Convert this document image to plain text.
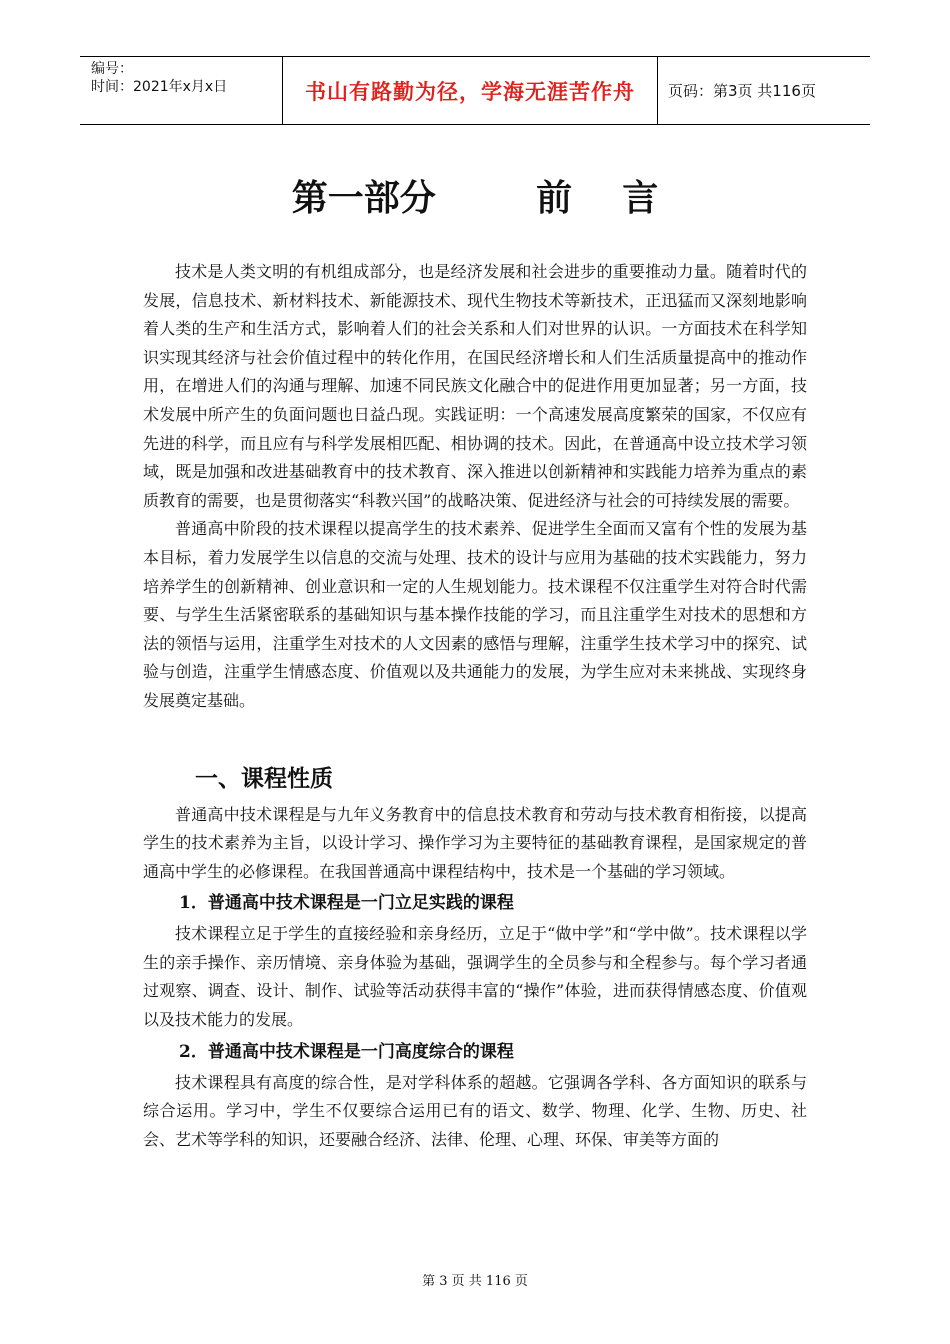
编号：
时间：2021年x月x日	书山有路勤为径，学海无涯苦作舟	页码：第3页 共116页
第一部分        前    言

技术是人类文明的有机组成部分，也是经济发展和社会进步的重要推动力量。随着时代的发展，信息技术、新材料技术、新能源技术、现代生物技术等新技术，正迅猛而又深刻地影响着人类的生产和生活方式，影响着人们的社会关系和人们对世界的认识。一方面技术在科学知识实现其经济与社会价值过程中的转化作用，在国民经济增长和人们生活质量提高中的推动作用，在增进人们的沟通与理解、加速不同民族文化融合中的促进作用更加显著；另一方面，技术发展中所产生的负面问题也日益凸现。实践证明：一个高速发展高度繁荣的国家，不仅应有先进的科学，而且应有与科学发展相匹配、相协调的技术。因此，在普通高中设立技术学习领域，既是加强和改进基础教育中的技术教育、深入推进以创新精神和实践能力培养为重点的素质教育的需要，也是贯彻落实“科教兴国”的战略决策、促进经济与社会的可持续发展的需要。

普通高中阶段的技术课程以提高学生的技术素养、促进学生全面而又富有个性的发展为基本目标，着力发展学生以信息的交流与处理、技术的设计与应用为基础的技术实践能力，努力培养学生的创新精神、创业意识和一定的人生规划能力。技术课程不仅注重学生对符合时代需要、与学生生活紧密联系的基础知识与基本操作技能的学习，而且注重学生对技术的思想和方法的领悟与运用，注重学生对技术的人文因素的感悟与理解，注重学生技术学习中的探究、试验与创造，注重学生情感态度、价值观以及共通能力的发展，为学生应对未来挑战、实现终身发展奠定基础。

一、课程性质

普通高中技术课程是与九年义务教育中的信息技术教育和劳动与技术教育相衔接，以提高学生的技术素养为主旨，以设计学习、操作学习为主要特征的基础教育课程，是国家规定的普通高中学生的必修课程。在我国普通高中课程结构中，技术是一个基础的学习领域。

1．普通高中技术课程是一门立足实践的课程

技术课程立足于学生的直接经验和亲身经历，立足于“做中学”和“学中做”。技术课程以学生的亲手操作、亲历情境、亲身体验为基础，强调学生的全员参与和全程参与。每个学习者通过观察、调查、设计、制作、试验等活动获得丰富的“操作”体验，进而获得情感态度、价值观以及技术能力的发展。

2．普通高中技术课程是一门高度综合的课程

技术课程具有高度的综合性，是对学科体系的超越。它强调各学科、各方面知识的联系与综合运用。学习中，学生不仅要综合运用已有的语文、数学、物理、化学、生物、历史、社会、艺术等学科的知识，还要融合经济、法律、伦理、心理、环保、审美等方面的

第 3 页 共 116 页
